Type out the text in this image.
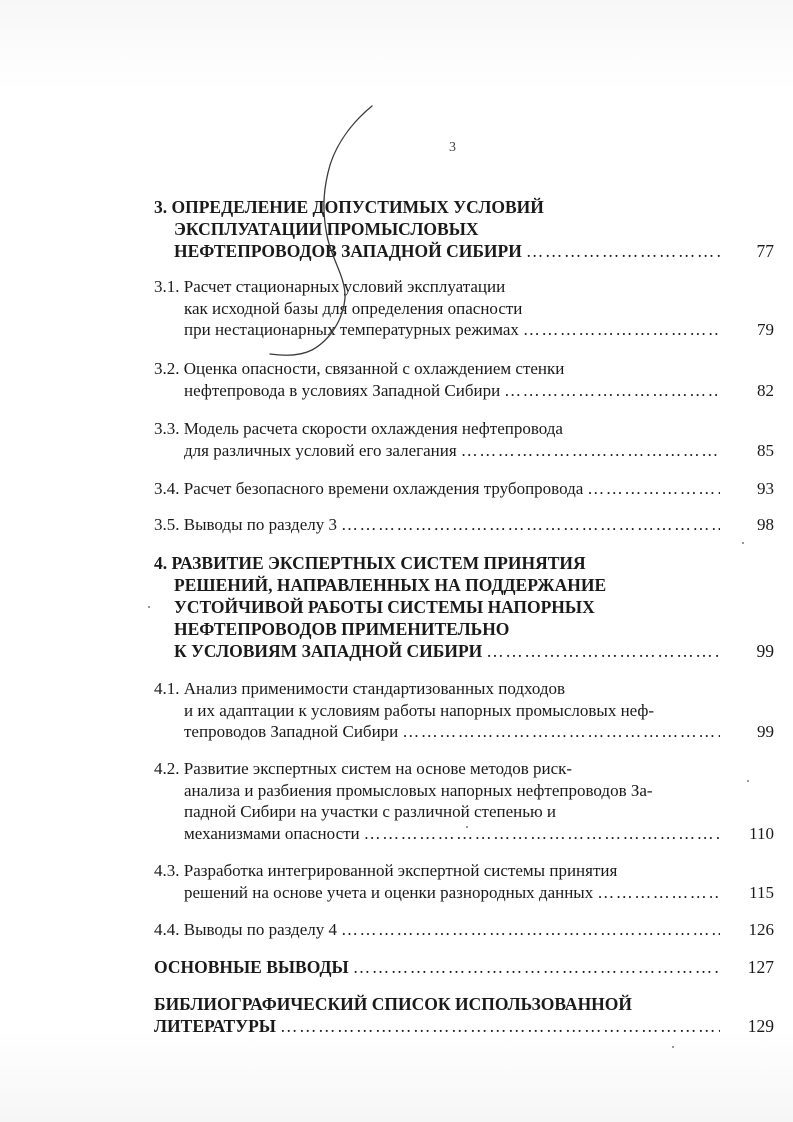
3
3. ОПРЕДЕЛЕНИЕ ДОПУСТИМЫХ УСЛОВИЙ
ЭКСПЛУАТАЦИИ ПРОМЫСЛОВЫХ
НЕФТЕПРОВОДОВ ЗАПАДНОЙ СИБИРИ …………………………………………………………………………………………………………………………………………………………	77
3.1. Расчет стационарных условий эксплуатации
как исходной базы для определения опасности
при нестационарных температурных режимах …………………………………………………………………………………………………………………………………………………………	79
3.2. Оценка опасности, связанной с охлаждением стенки
нефтепровода в условиях Западной Сибири …………………………………………………………………………………………………………………………………………………………	82
3.3. Модель расчета скорости охлаждения нефтепровода
для различных условий его залегания …………………………………………………………………………………………………………………………………………………………	85
3.4. Расчет безопасного времени охлаждения трубопровода …………………………………………………………………………………………………………………………………………………………	93
3.5. Выводы по разделу 3 …………………………………………………………………………………………………………………………………………………………	98
4. РАЗВИТИЕ ЭКСПЕРТНЫХ СИСТЕМ ПРИНЯТИЯ
РЕШЕНИЙ, НАПРАВЛЕННЫХ НА ПОДДЕРЖАНИЕ
УСТОЙЧИВОЙ РАБОТЫ СИСТЕМЫ НАПОРНЫХ
НЕФТЕПРОВОДОВ ПРИМЕНИТЕЛЬНО
К УСЛОВИЯМ ЗАПАДНОЙ СИБИРИ …………………………………………………………………………………………………………………………………………………………	99
4.1. Анализ применимости стандартизованных подходов
и их адаптации к условиям работы напорных промысловых неф-
тепроводов Западной Сибири …………………………………………………………………………………………………………………………………………………………	99
4.2. Развитие экспертных систем на основе методов риск-
анализа и разбиения промысловых напорных нефтепроводов За-
падной Сибири на участки с различной степенью и
механизмами опасности …………………………………………………………………………………………………………………………………………………………	110
4.3. Разработка интегрированной экспертной системы принятия
решений на основе учета и оценки разнородных данных …………………………………………………………………………………………………………………………………………………………	115
4.4. Выводы по разделу 4 …………………………………………………………………………………………………………………………………………………………	126
ОСНОВНЫЕ ВЫВОДЫ …………………………………………………………………………………………………………………………………………………………	127
БИБЛИОГРАФИЧЕСКИЙ СПИСОК ИСПОЛЬЗОВАННОЙ
ЛИТЕРАТУРЫ …………………………………………………………………………………………………………………………………………………………	129
